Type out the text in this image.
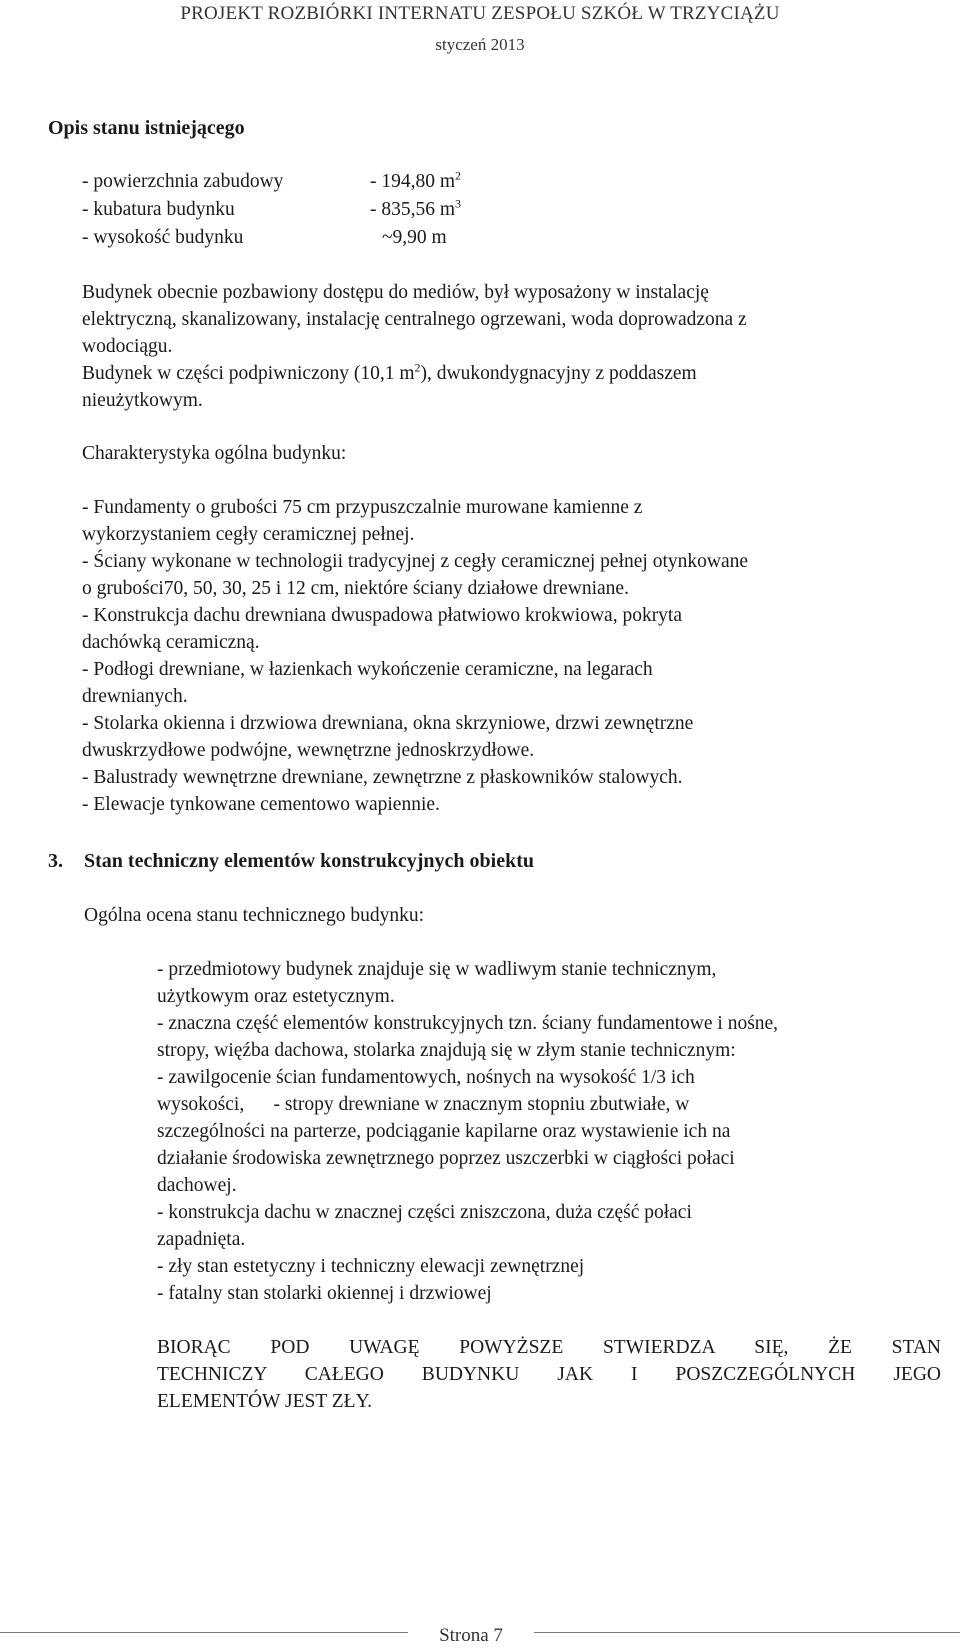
PROJEKT ROZBIÓRKI INTERNATU ZESPOŁU SZKÓŁ W TRZYCIĄŻU
styczeń 2013
Opis stanu istniejącego
- powierzchnia zabudowy	- 194,80 $m^2$
- kubatura budynku	- 835,56 $m^3$
- wysokość budynku	~9,90 m
Budynek obecnie pozbawiony dostępu do mediów, był wyposażony w instalację
elektryczną, skanalizowany, instalację centralnego ogrzewani, woda doprowadzona z
wodociągu.
Budynek w części podpiwniczony (10,1 $m^2$), dwukondygnacyjny z poddaszem
nieużytkowym.
Charakterystyka ogólna budynku:
- Fundamenty o grubości 75 cm przypuszczalnie murowane kamienne z
wykorzystaniem cegły ceramicznej pełnej.
- Ściany wykonane w technologii tradycyjnej z cegły ceramicznej pełnej otynkowane
o grubości70, 50, 30, 25 i 12 cm, niektóre ściany działowe drewniane.
- Konstrukcja dachu drewniana dwuspadowa płatwiowo krokwiowa, pokryta
dachówką ceramiczną.
- Podłogi drewniane, w łazienkach wykończenie ceramiczne, na legarach
drewnianych.
- Stolarka okienna i drzwiowa drewniana, okna skrzyniowe, drzwi zewnętrzne
dwuskrzydłowe podwójne, wewnętrzne jednoskrzydłowe.
- Balustrady wewnętrzne drewniane, zewnętrzne z płaskowników stalowych.
- Elewacje tynkowane cementowo wapiennie.
3. Stan techniczny elementów konstrukcyjnych obiektu
Ogólna ocena stanu technicznego budynku:
- przedmiotowy budynek znajduje się w wadliwym stanie technicznym,
użytkowym oraz estetycznym.
- znaczna część elementów konstrukcyjnych tzn. ściany fundamentowe i nośne,
stropy, więźba dachowa, stolarka znajdują się w złym stanie technicznym:
- zawilgocenie ścian fundamentowych, nośnych na wysokość 1/3 ich
wysokości,      - stropy drewniane w znacznym stopniu zbutwiałe, w
szczególności na parterze, podciąganie kapilarne oraz wystawienie ich na
działanie środowiska zewnętrznego poprzez uszczerbki w ciągłości połaci
dachowej.
- konstrukcja dachu w znacznej części zniszczona, duża część połaci
zapadnięta.
- zły stan estetyczny i techniczny elewacji zewnętrznej
- fatalny stan stolarki okiennej i drzwiowej
BIORĄC POD UWAGĘ POWYŻSZE STWIERDZA SIĘ, ŻE STAN
TECHNICZY CAŁEGO BUDYNKU JAK I POSZCZEGÓLNYCH JEGO
ELEMENTÓW JEST ZŁY.
Strona 7
